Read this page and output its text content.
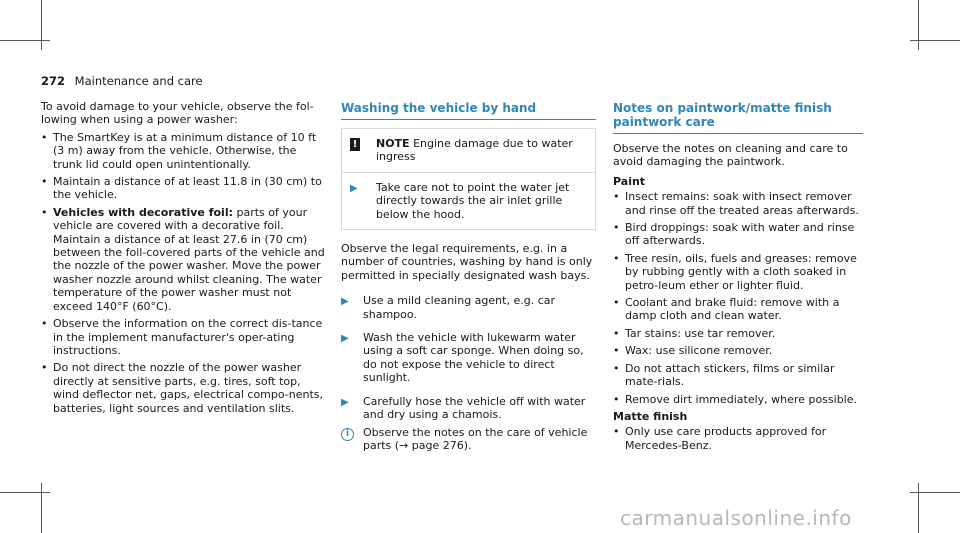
272 Maintenance and care

To avoid damage to your vehicle, observe the fol-lowing when using a power washer:

• The SmartKey is at a minimum distance of 10 ft (3 m) away from the vehicle. Otherwise, the trunk lid could open unintentionally.
• Maintain a distance of at least 11.8 in (30 cm) to the vehicle.
• Vehicles with decorative foil: parts of your vehicle are covered with a decorative foil. Maintain a distance of at least 27.6 in (70 cm) between the foil-covered parts of the vehicle and the nozzle of the power washer. Move the power washer nozzle around whilst cleaning. The water temperature of the power washer must not exceed 140°F (60°C).
• Observe the information on the correct dis-tance in the implement manufacturer's oper-ating instructions.
• Do not direct the nozzle of the power washer directly at sensitive parts, e.g. tires, soft top, wind deflector net, gaps, electrical compo-nents, batteries, light sources and ventilation slits.
Washing the vehicle by hand
! NOTE Engine damage due to water ingress
▶	Take care not to point the water jet directly towards the air inlet grille below the hood.

Observe the legal requirements, e.g. in a number of countries, washing by hand is only permitted in specially designated wash bays.

▶	Use a mild cleaning agent, e.g. car shampoo.
▶	Wash the vehicle with lukewarm water using a soft car sponge. When doing so, do not expose the vehicle to direct sunlight.
▶	Carefully hose the vehicle off with water and dry using a chamois.
i	Observe the notes on the care of vehicle parts (→ page 276).
Notes on paintwork/matte finish paintwork care

Observe the notes on cleaning and care to avoid damaging the paintwork.

Paint
• Insect remains: soak with insect remover and rinse off the treated areas afterwards.
• Bird droppings: soak with water and rinse off afterwards.
• Tree resin, oils, fuels and greases: remove by rubbing gently with a cloth soaked in petro-leum ether or lighter fluid.
• Coolant and brake fluid: remove with a damp cloth and clean water.
• Tar stains: use tar remover.
• Wax: use silicone remover.
• Do not attach stickers, films or similar mate-rials.
• Remove dirt immediately, where possible.
Matte finish
• Only use care products approved for Mercedes-Benz.
carmanualsonline.info
